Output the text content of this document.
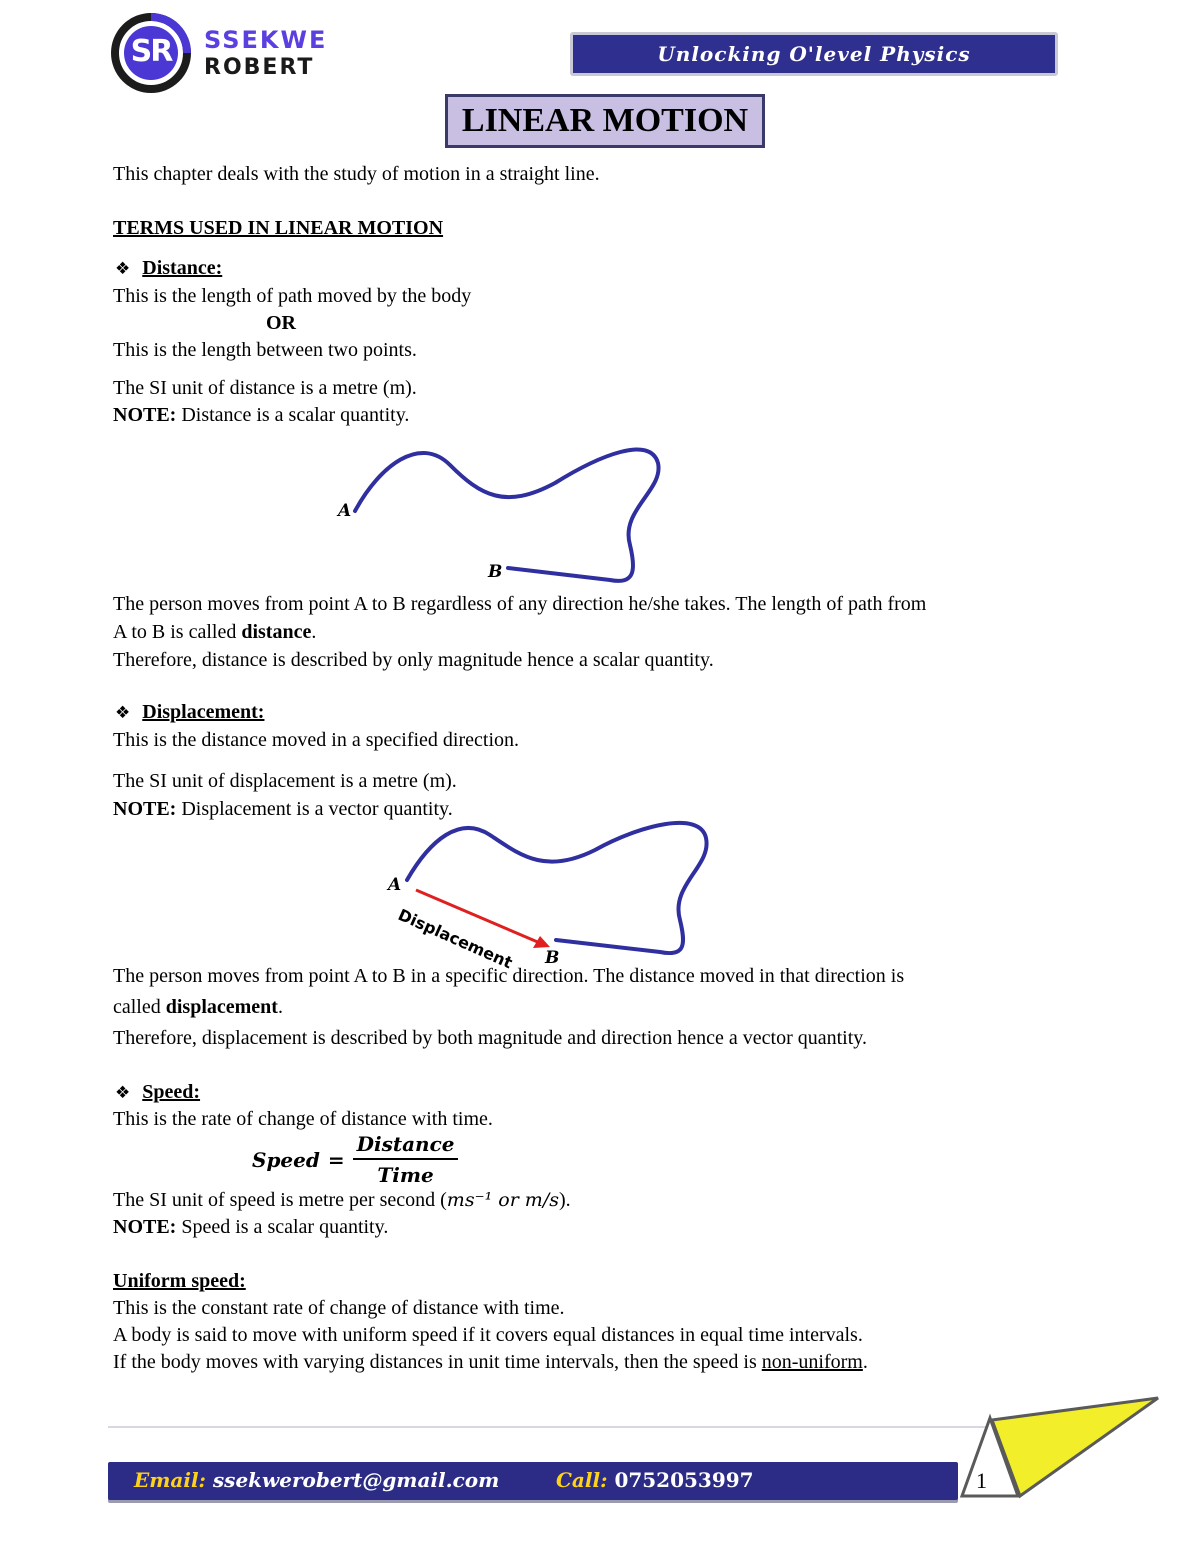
SR	SSEKWE
ROBERT
Unlocking O'level Physics
LINEAR MOTION
This chapter deals with the study of motion in a straight line.
TERMS USED IN LINEAR MOTION
❖ Distance:
This is the length of path moved by the body
OR
This is the length between two points.
The SI unit of distance is a metre (m).
NOTE: Distance is a scalar quantity.
A
B
The person moves from point A to B regardless of any direction he/she takes. The length of path from
A to B is called distance.
Therefore, distance is described by only magnitude hence a scalar quantity.
❖ Displacement:
This is the distance moved in a specified direction.
The SI unit of displacement is a metre (m).
NOTE: Displacement is a vector quantity.
A
B
Displacement
The person moves from point A to B in a specific direction. The distance moved in that direction is
called displacement.
Therefore, displacement is described by both magnitude and direction hence a vector quantity.
❖ Speed:
This is the rate of change of distance with time.
Speed =
Distance
Time
The SI unit of speed is metre per second (ms⁻¹ or m/s).
NOTE: Speed is a scalar quantity.
Uniform speed:
This is the constant rate of change of distance with time.
A body is said to move with uniform speed if it covers equal distances in equal time intervals.
If the body moves with varying distances in unit time intervals, then the speed is non-uniform.
Email: ssekwerobert@gmail.com	Call: 0752053997	1
